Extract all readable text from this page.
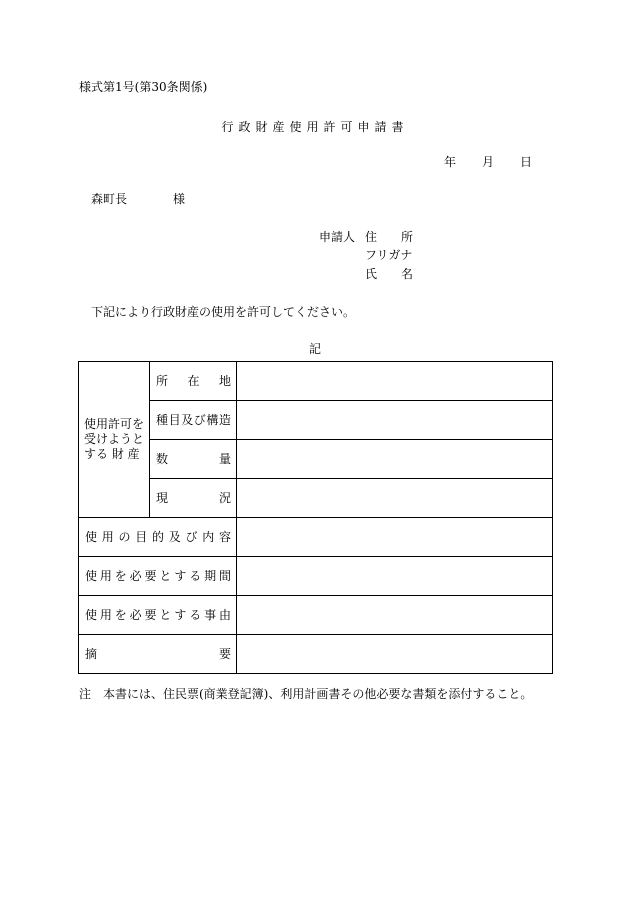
様式第1号(第30条関係)
行政財産使用許可申請書
年 月 日
森町長	様
申請人 住　　所
フリガナ
氏　　名
下記により行政財産の使用を許可してください。
記
使用許可を
受けようと
する 財 産	所在地	
	種目及び構造	
	数量	
	現況	
使用の目的及び内容		
使用を必要とする期間		
使用を必要とする事由		
摘要		
注　本書には、住民票(商業登記簿)、利用計画書その他必要な書類を添付すること。
